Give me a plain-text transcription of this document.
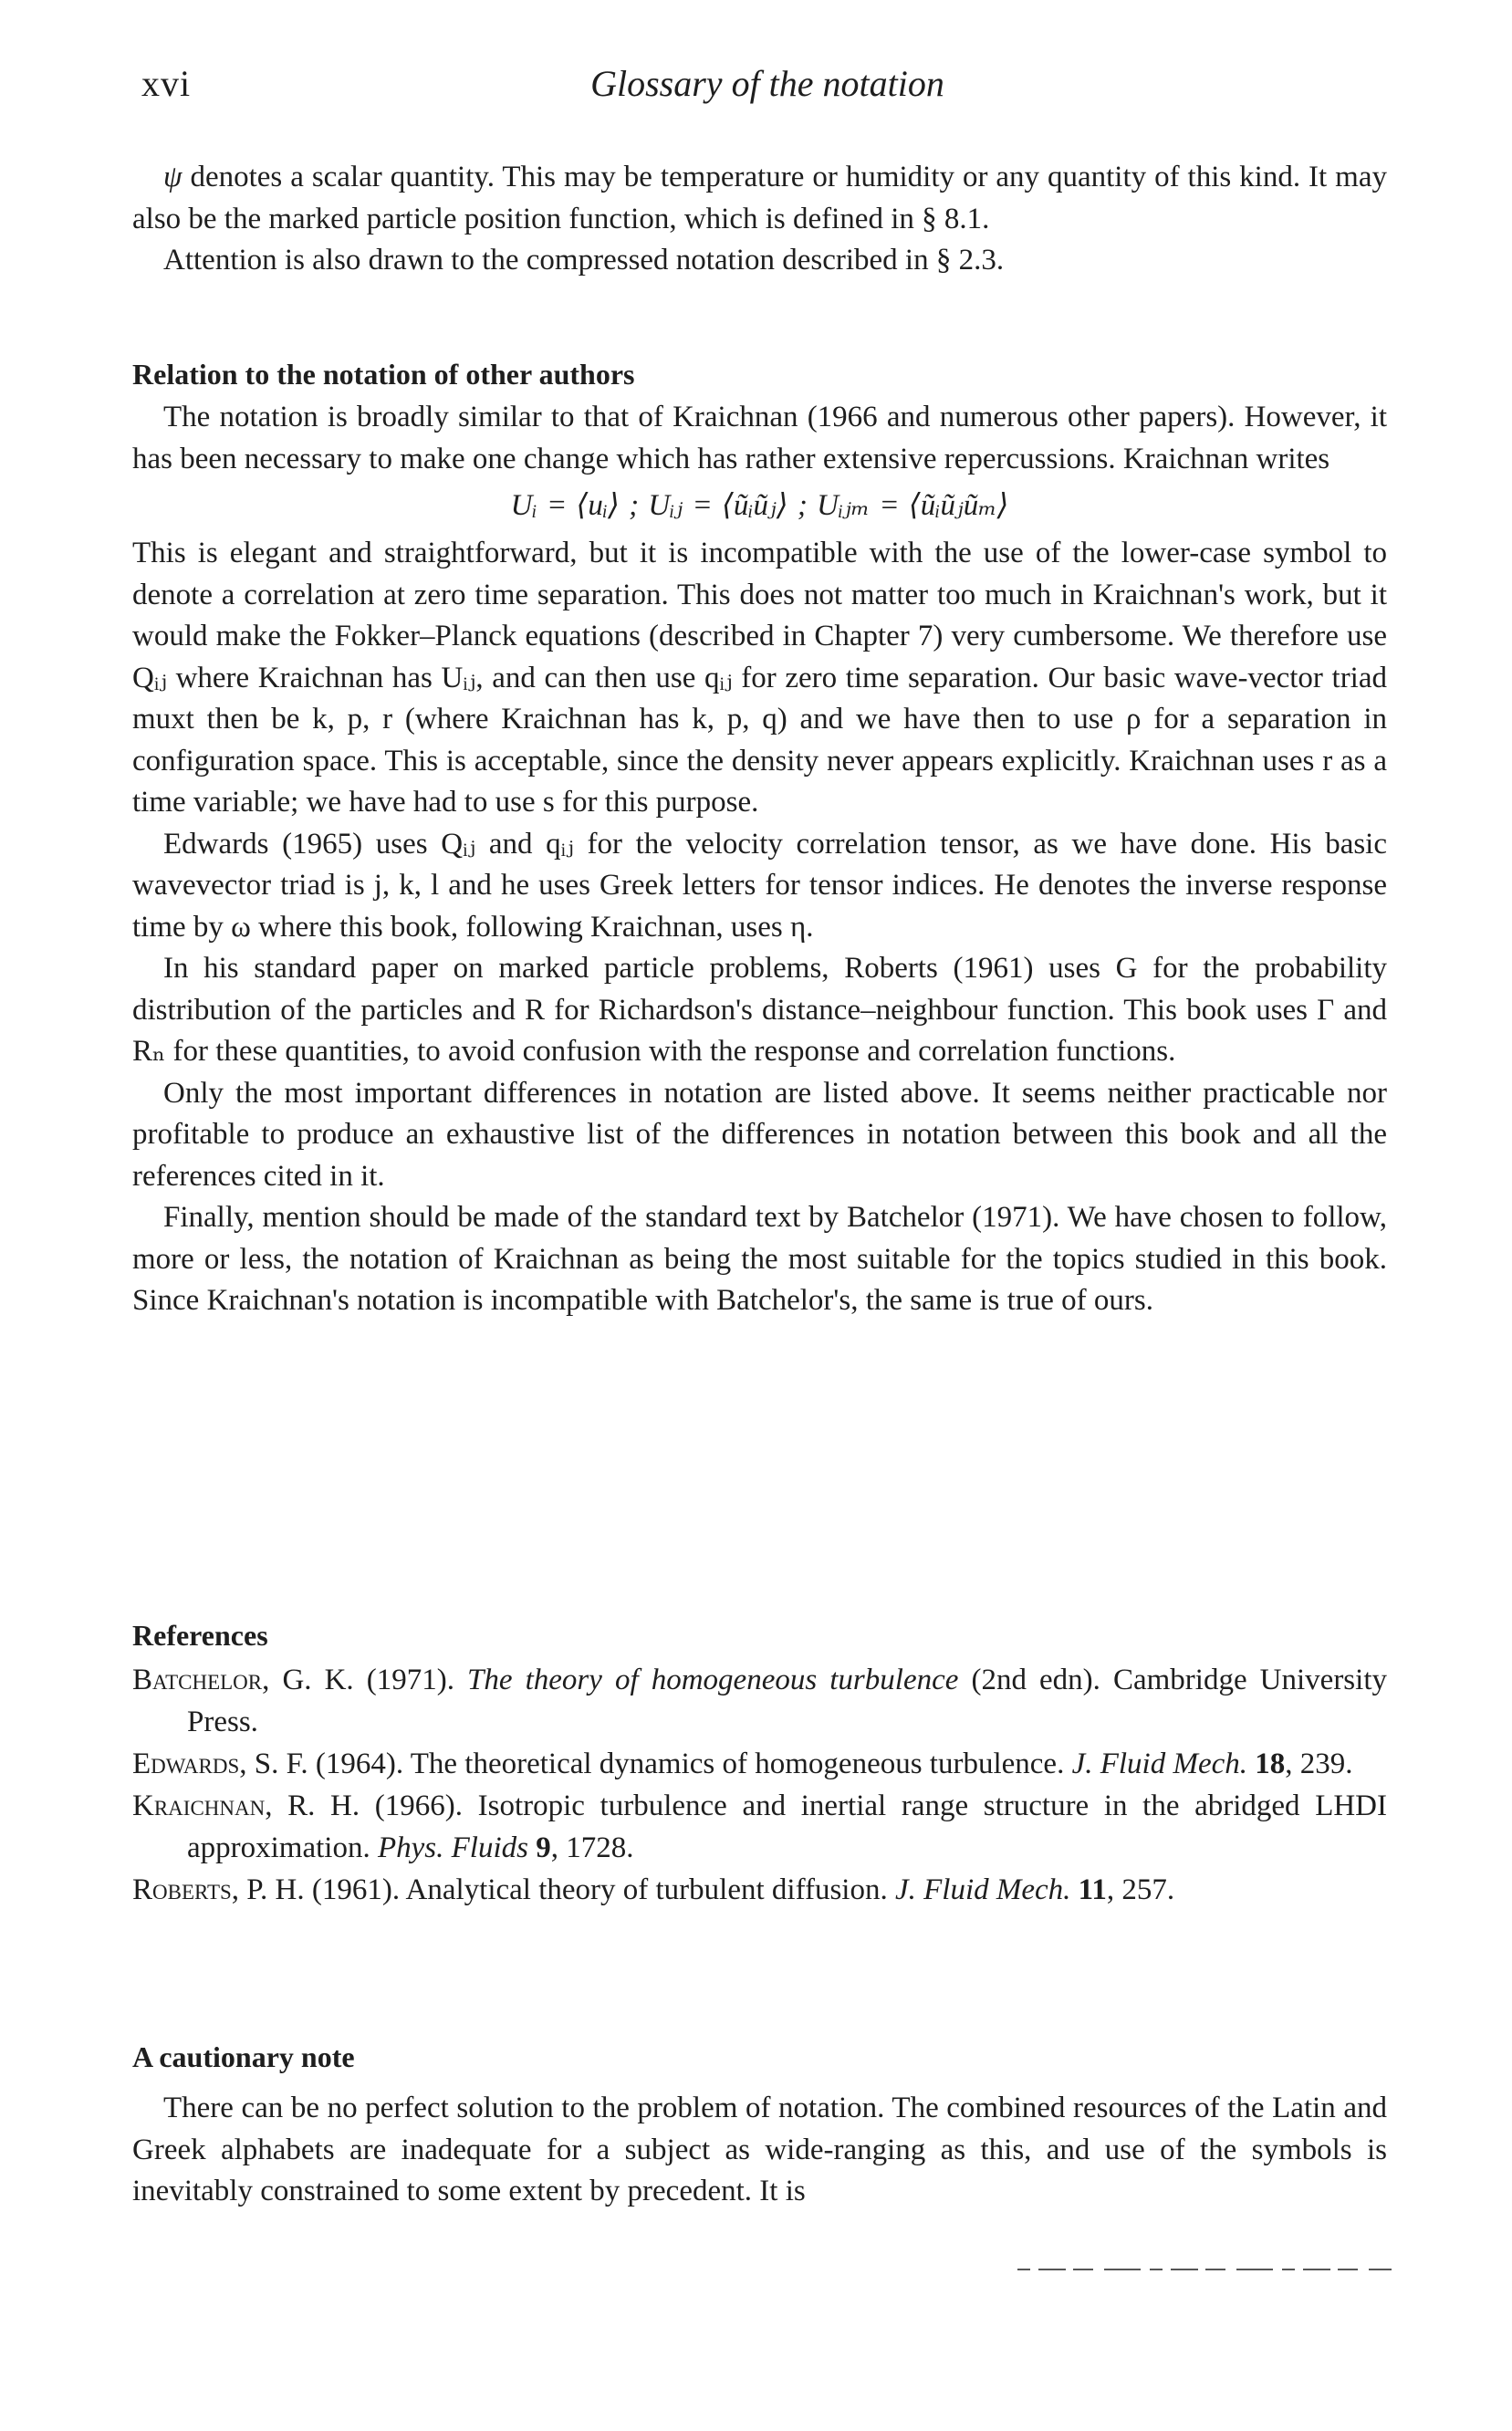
xvi	Glossary of the notation

ψ denotes a scalar quantity. This may be temperature or humidity or any quantity of this kind. It may also be the marked particle position function, which is defined in § 8.1.

Attention is also drawn to the compressed notation described in § 2.3.

Relation to the notation of other authors

The notation is broadly similar to that of Kraichnan (1966 and numerous other papers). However, it has been necessary to make one change which has rather extensive repercussions. Kraichnan writes

Uᵢ = ⟨uᵢ⟩ ; Uᵢⱼ = ⟨ũᵢũⱼ⟩ ; Uᵢⱼₘ = ⟨ũᵢũⱼũₘ⟩

This is elegant and straightforward, but it is incompatible with the use of the lower-case symbol to denote a correlation at zero time separation. This does not matter too much in Kraichnan's work, but it would make the Fokker–Planck equations (described in Chapter 7) very cumbersome. We therefore use Qᵢⱼ where Kraichnan has Uᵢⱼ, and can then use qᵢⱼ for zero time separation. Our basic wave-vector triad muxt then be k, p, r (where Kraichnan has k, p, q) and we have then to use ρ for a separation in configuration space. This is acceptable, since the density never appears explicitly. Kraichnan uses r as a time variable; we have had to use s for this purpose.

Edwards (1965) uses Qᵢⱼ and qᵢⱼ for the velocity correlation tensor, as we have done. His basic wavevector triad is j, k, l and he uses Greek letters for tensor indices. He denotes the inverse response time by ω where this book, following Kraichnan, uses η.

In his standard paper on marked particle problems, Roberts (1961) uses G for the probability distribution of the particles and R for Richardson's distance–neighbour function. This book uses Γ and Rₙ for these quantities, to avoid confusion with the response and correlation functions.

Only the most important differences in notation are listed above. It seems neither practicable nor profitable to produce an exhaustive list of the differences in notation between this book and all the references cited in it.

Finally, mention should be made of the standard text by Batchelor (1971). We have chosen to follow, more or less, the notation of Kraichnan as being the most suitable for the topics studied in this book. Since Kraichnan's notation is incompatible with Batchelor's, the same is true of ours.

References

Batchelor, G. K. (1971). The theory of homogeneous turbulence (2nd edn). Cambridge University Press.

Edwards, S. F. (1964). The theoretical dynamics of homogeneous turbulence. J. Fluid Mech. 18, 239.

Kraichnan, R. H. (1966). Isotropic turbulence and inertial range structure in the abridged LHDI approximation. Phys. Fluids 9, 1728.

Roberts, P. H. (1961). Analytical theory of turbulent diffusion. J. Fluid Mech. 11, 257.

A cautionary note

There can be no perfect solution to the problem of notation. The combined resources of the Latin and Greek alphabets are inadequate for a subject as wide-ranging as this, and use of the symbols is inevitably constrained to some extent by precedent. It is
